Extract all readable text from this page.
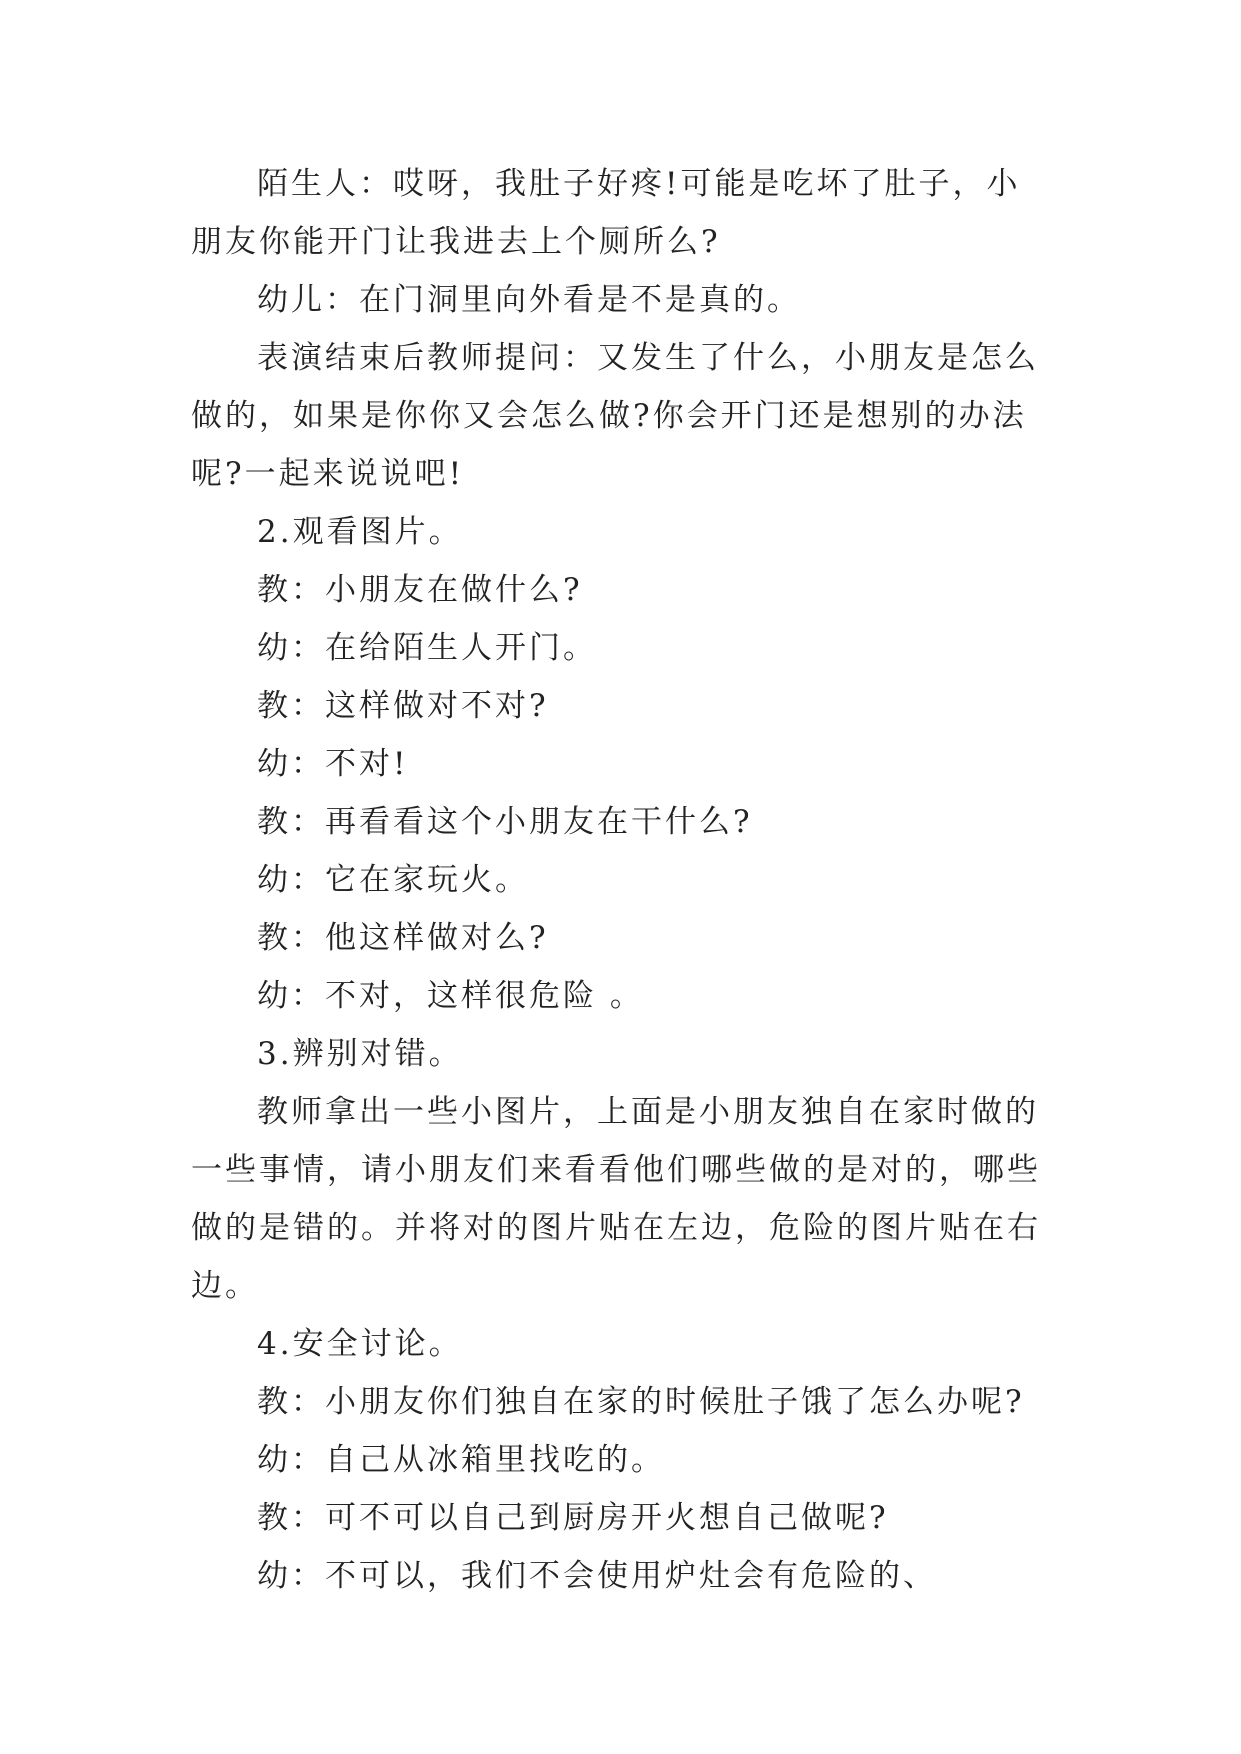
陌生人：哎呀，我肚子好疼!可能是吃坏了肚子，小朋友你能开门让我进去上个厕所么?

幼儿：在门洞里向外看是不是真的。

表演结束后教师提问：又发生了什么，小朋友是怎么做的，如果是你你又会怎么做?你会开门还是想别的办法呢?一起来说说吧!

2.观看图片。

教：小朋友在做什么?

幼：在给陌生人开门。

教：这样做对不对?

幼：不对!

教：再看看这个小朋友在干什么?

幼：它在家玩火。

教：他这样做对么?

幼：不对，这样很危险 。

3.辨别对错。

教师拿出一些小图片，上面是小朋友独自在家时做的一些事情，请小朋友们来看看他们哪些做的是对的，哪些做的是错的。并将对的图片贴在左边，危险的图片贴在右边。

4.安全讨论。

教：小朋友你们独自在家的时候肚子饿了怎么办呢?

幼：自己从冰箱里找吃的。

教：可不可以自己到厨房开火想自己做呢?

幼：不可以，我们不会使用炉灶会有危险的、
